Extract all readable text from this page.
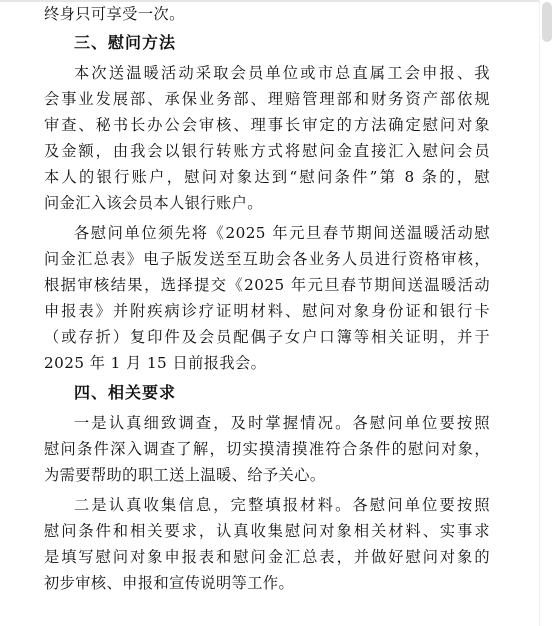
终身只可享受一次。
三、慰问方法
本次送温暖活动采取会员单位或市总直属工会申报、我
会事业发展部、承保业务部、理赔管理部和财务资产部依规
审查、秘书长办公会审核、理事长审定的方法确定慰问对象
及金额，由我会以银行转账方式将慰问金直接汇入慰问会员
本人的银行账户，慰问对象达到“慰问条件”第 8 条的，慰
问金汇入该会员本人银行账户。
各慰问单位须先将《2025 年元旦春节期间送温暖活动慰
问金汇总表》电子版发送至互助会各业务人员进行资格审核，
根据审核结果，选择提交《2025 年元旦春节期间送温暖活动
申报表》并附疾病诊疗证明材料、慰问对象身份证和银行卡
（或存折）复印件及会员配偶子女户口簿等相关证明，并于
2025 年 1 月 15 日前报我会。
四、相关要求
一是认真细致调查，及时掌握情况。各慰问单位要按照
慰问条件深入调查了解，切实摸清摸准符合条件的慰问对象，
为需要帮助的职工送上温暖、给予关心。
二是认真收集信息，完整填报材料。各慰问单位要按照
慰问条件和相关要求，认真收集慰问对象相关材料、实事求
是填写慰问对象申报表和慰问金汇总表，并做好慰问对象的
初步审核、申报和宣传说明等工作。
